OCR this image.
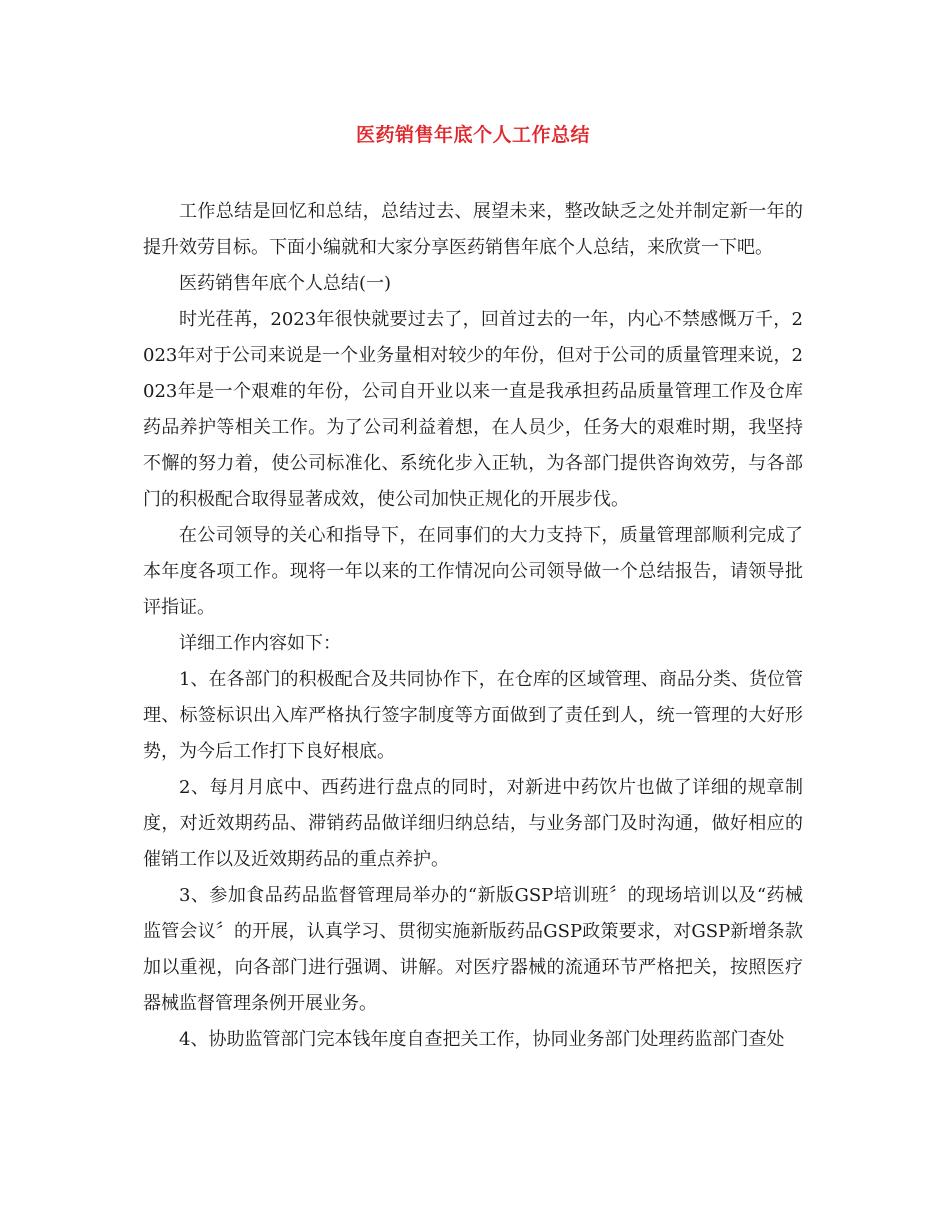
医药销售年底个人工作总结

工作总结是回忆和总结，总结过去、展望未来，整改缺乏之处并制定新一年的提升效劳目标。下面小编就和大家分享医药销售年底个人总结，来欣赏一下吧。

医药销售年底个人总结(一)

时光荏苒，2023年很快就要过去了，回首过去的一年，内心不禁感慨万千，2023年对于公司来说是一个业务量相对较少的年份，但对于公司的质量管理来说，2023年是一个艰难的年份，公司自开业以来一直是我承担药品质量管理工作及仓库药品养护等相关工作。为了公司利益着想，在人员少，任务大的艰难时期，我坚持不懈的努力着，使公司标准化、系统化步入正轨，为各部门提供咨询效劳，与各部门的积极配合取得显著成效，使公司加快正规化的开展步伐。

在公司领导的关心和指导下，在同事们的大力支持下，质量管理部顺利完成了本年度各项工作。现将一年以来的工作情况向公司领导做一个总结报告，请领导批评指证。

详细工作内容如下：

1、在各部门的积极配合及共同协作下，在仓库的区域管理、商品分类、货位管理、标签标识出入库严格执行签字制度等方面做到了责任到人，统一管理的大好形势，为今后工作打下良好根底。

2、每月月底中、西药进行盘点的同时，对新进中药饮片也做了详细的规章制度，对近效期药品、滞销药品做详细归纳总结，与业务部门及时沟通，做好相应的催销工作以及近效期药品的重点养护。

3、参加食品药品监督管理局举办的“新版GSP培训班〞的现场培训以及“药械监管会议〞的开展，认真学习、贯彻实施新版药品GSP政策要求，对GSP新增条款加以重视，向各部门进行强调、讲解。对医疗器械的流通环节严格把关，按照医疗器械监督管理条例开展业务。

4、协助监管部门完本钱年度自查把关工作，协同业务部门处理药监部门查处
